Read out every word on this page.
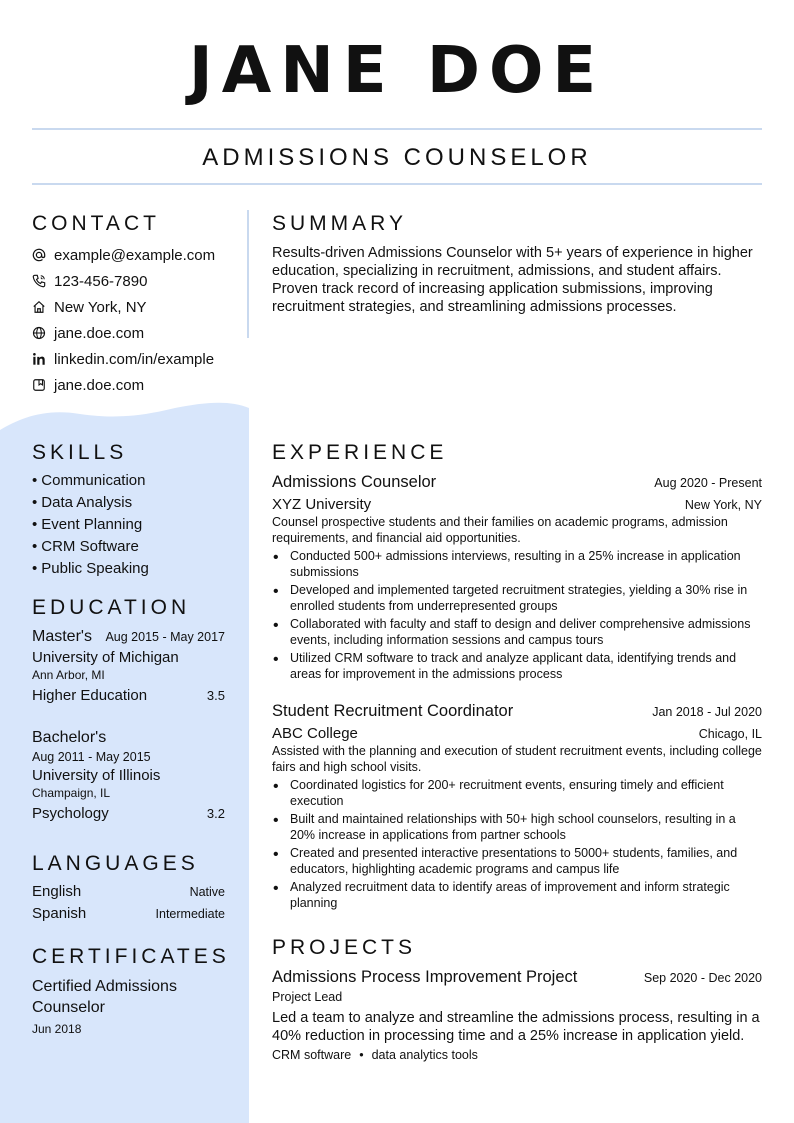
JANE DOE
ADMISSIONS COUNSELOR
CONTACT
example@example.com
123-456-7890
New York, NY
jane.doe.com
linkedin.com/in/example
jane.doe.com
SUMMARY
Results-driven Admissions Counselor with 5+ years of experience in higher education, specializing in recruitment, admissions, and student affairs. Proven track record of increasing application submissions, improving recruitment strategies, and streamlining admissions processes.
SKILLS
• Communication
• Data Analysis
• Event Planning
• CRM Software
• Public Speaking
EDUCATION
Master's Aug 2015 - May 2017
University of Michigan
Ann Arbor, MI
Higher Education	3.5
Bachelor's
Aug 2011 - May 2015
University of Illinois
Champaign, IL
Psychology	3.2
LANGUAGES
English	Native
Spanish	Intermediate
CERTIFICATES
Certified Admissions Counselor
Jun 2018
EXPERIENCE
Admissions Counselor	Aug 2020 - Present
XYZ University	New York, NY
Counsel prospective students and their families on academic programs, admission requirements, and financial aid opportunities.
• Conducted 500+ admissions interviews, resulting in a 25% increase in application submissions
• Developed and implemented targeted recruitment strategies, yielding a 30% rise in enrolled students from underrepresented groups
• Collaborated with faculty and staff to design and deliver comprehensive admissions events, including information sessions and campus tours
• Utilized CRM software to track and analyze applicant data, identifying trends and areas for improvement in the admissions process
Student Recruitment Coordinator	Jan 2018 - Jul 2020
ABC College	Chicago, IL
Assisted with the planning and execution of student recruitment events, including college fairs and high school visits.
• Coordinated logistics for 200+ recruitment events, ensuring timely and efficient execution
• Built and maintained relationships with 50+ high school counselors, resulting in a 20% increase in applications from partner schools
• Created and presented interactive presentations to 5000+ students, families, and educators, highlighting academic programs and campus life
• Analyzed recruitment data to identify areas of improvement and inform strategic planning
PROJECTS
Admissions Process Improvement Project	Sep 2020 - Dec 2020
Project Lead
Led a team to analyze and streamline the admissions process, resulting in a 40% reduction in processing time and a 25% increase in application yield.
CRM software • data analytics tools
